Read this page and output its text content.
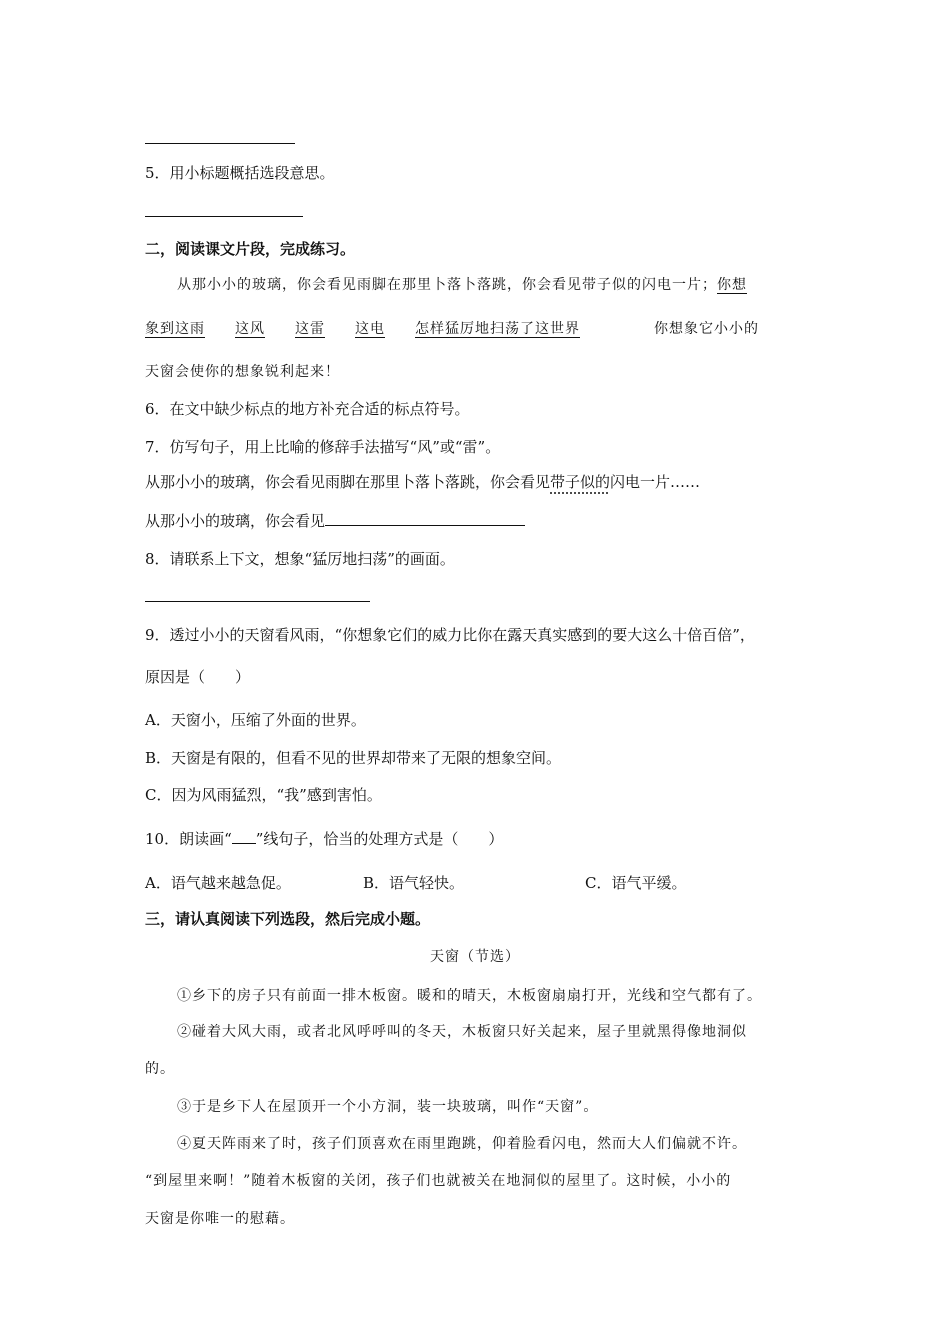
5．用小标题概括选段意思。
二，阅读课文片段，完成练习。
从那小小的玻璃，你会看见雨脚在那里卜落卜落跳，你会看见带子似的闪电一片；你想
象到这雨 这风 这雷 这电 怎样猛厉地扫荡了这世界	你想象它小小的
天窗会使你的想象锐利起来！
6．在文中缺少标点的地方补充合适的标点符号。
7．仿写句子，用上比喻的修辞手法描写“风”或“雷”。
从那小小的玻璃，你会看见雨脚在那里卜落卜落跳，你会看见带子似的闪电一片……
从那小小的玻璃，你会看见
8．请联系上下文，想象“猛厉地扫荡”的画面。
9．透过小小的天窗看风雨，“你想象它们的威力比你在露天真实感到的要大这么十倍百倍”，
原因是（　　）
A．天窗小，压缩了外面的世界。
B．天窗是有限的，但看不见的世界却带来了无限的想象空间。
C．因为风雨猛烈，“我”感到害怕。
10．朗读画“ ”线句子，恰当的处理方式是（　　）
A．语气越来越急促。	B．语气轻快。	C．语气平缓。
三，请认真阅读下列选段，然后完成小题。
天窗（节选）
①乡下的房子只有前面一排木板窗。暖和的晴天，木板窗扇扇打开，光线和空气都有了。
②碰着大风大雨，或者北风呼呼叫的冬天，木板窗只好关起来，屋子里就黑得像地洞似
的。
③于是乡下人在屋顶开一个小方洞，装一块玻璃，叫作“天窗”。
④夏天阵雨来了时，孩子们顶喜欢在雨里跑跳，仰着脸看闪电，然而大人们偏就不许。
“到屋里来啊！”随着木板窗的关闭，孩子们也就被关在地洞似的屋里了。这时候，小小的
天窗是你唯一的慰藉。
